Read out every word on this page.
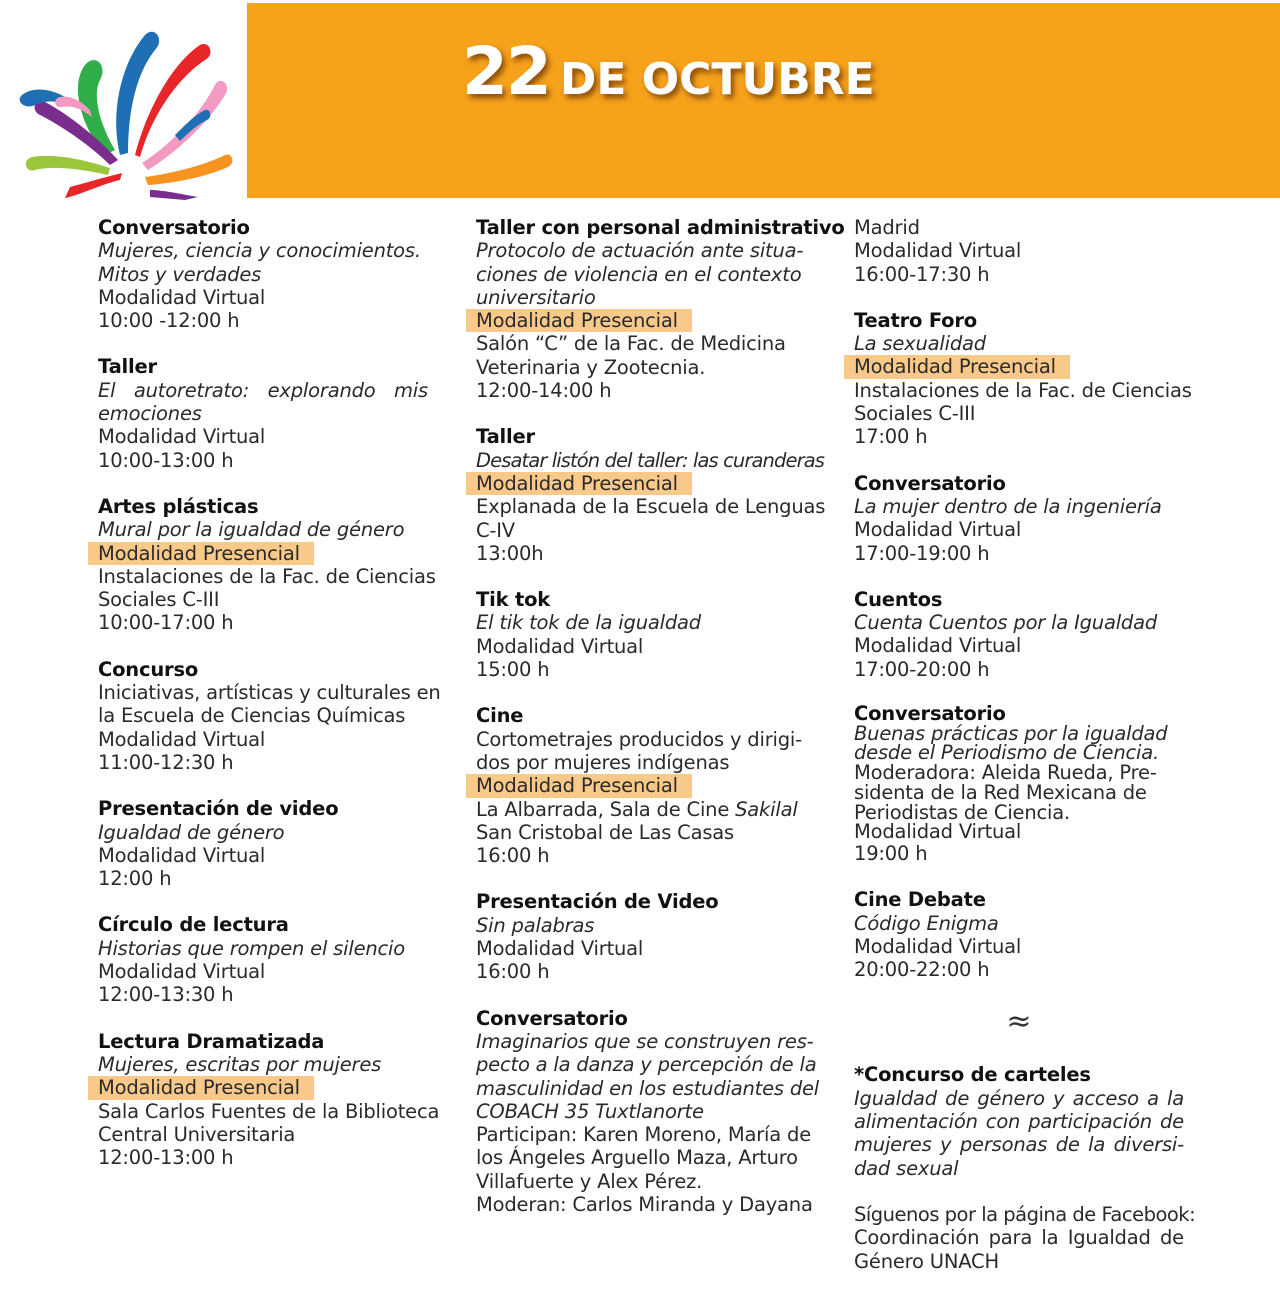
22 DE OCTUBRE
Conversatorio
Mujeres, ciencia y conocimientos.
Mitos y verdades
Modalidad Virtual
10:00 -12:00 h
Taller
El autoretrato: explorando mis
emociones
Modalidad Virtual
10:00-13:00 h
Artes plásticas
Mural por la igualdad de género
Modalidad Presencial
Instalaciones de la Fac. de Ciencias
Sociales C-III
10:00-17:00 h
Concurso
Iniciativas, artísticas y culturales en
la Escuela de Ciencias Químicas
Modalidad Virtual
11:00-12:30 h
Presentación de video
Igualdad de género
Modalidad Virtual
12:00 h
Círculo de lectura
Historias que rompen el silencio
Modalidad Virtual
12:00-13:30 h
Lectura Dramatizada
Mujeres, escritas por mujeres
Modalidad Presencial
Sala Carlos Fuentes de la Biblioteca
Central Universitaria
12:00-13:00 h
Taller con personal administrativo
Protocolo de actuación ante situa-
ciones de violencia en el contexto
universitario
Modalidad Presencial
Salón “C” de la Fac. de Medicina
Veterinaria y Zootecnia.
12:00-14:00 h
Taller
Desatar listón del taller: las curanderas
Modalidad Presencial
Explanada de la Escuela de Lenguas
C-IV
13:00h
Tik tok
El tik tok de la igualdad
Modalidad Virtual
15:00 h
Cine
Cortometrajes producidos y dirigi-
dos por mujeres indígenas
Modalidad Presencial
La Albarrada, Sala de Cine Sakilal
San Cristobal de Las Casas
16:00 h
Presentación de Video
Sin palabras
Modalidad Virtual
16:00 h
Conversatorio
Imaginarios que se construyen res-
pecto a la danza y percepción de la
masculinidad en los estudiantes del
COBACH 35 Tuxtlanorte
Participan: Karen Moreno, María de
los Ángeles Arguello Maza, Arturo
Villafuerte y Alex Pérez.
Moderan: Carlos Miranda y Dayana
Madrid
Modalidad Virtual
16:00-17:30 h
Teatro Foro
La sexualidad
Modalidad Presencial
Instalaciones de la Fac. de Ciencias
Sociales C-III
17:00 h
Conversatorio
La mujer dentro de la ingeniería
Modalidad Virtual
17:00-19:00 h
Cuentos
Cuenta Cuentos por la Igualdad
Modalidad Virtual
17:00-20:00 h
Conversatorio
Buenas prácticas por la igualdad
desde el Periodismo de Ciencia.
Moderadora: Aleida Rueda, Pre-
sidenta de la Red Mexicana de
Periodistas de Ciencia.
Modalidad Virtual
19:00 h
Cine Debate
Código Enigma
Modalidad Virtual
20:00-22:00 h
≈
*Concurso de carteles
Igualdad de género y acceso a la
alimentación con participación de
mujeres y personas de la diversi-
dad sexual
Síguenos por la página de Facebook:
Coordinación para la Igualdad de
Género UNACH
